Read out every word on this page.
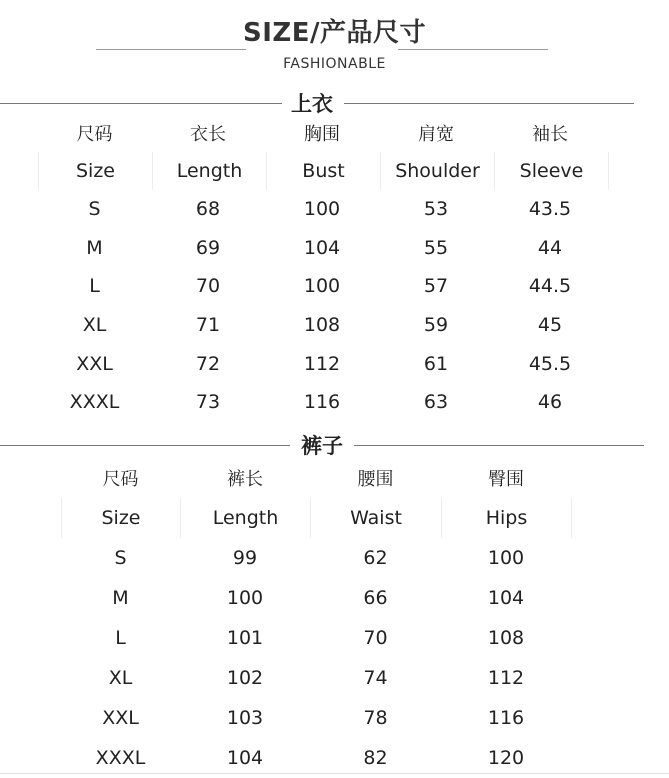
SIZE/产品尺寸
FASHIONABLE
上衣
尺码	衣长	胸围	肩宽	袖长
Size	Length	Bust	Shoulder	Sleeve
S	68	100	53	43.5
M	69	104	55	44
L	70	100	57	44.5
XL	71	108	59	45
XXL	72	112	61	45.5
XXXL	73	116	63	46
裤子
尺码	裤长	腰围	臀围
Size	Length	Waist	Hips
S	99	62	100
M	100	66	104
L	101	70	108
XL	102	74	112
XXL	103	78	116
XXXL	104	82	120
